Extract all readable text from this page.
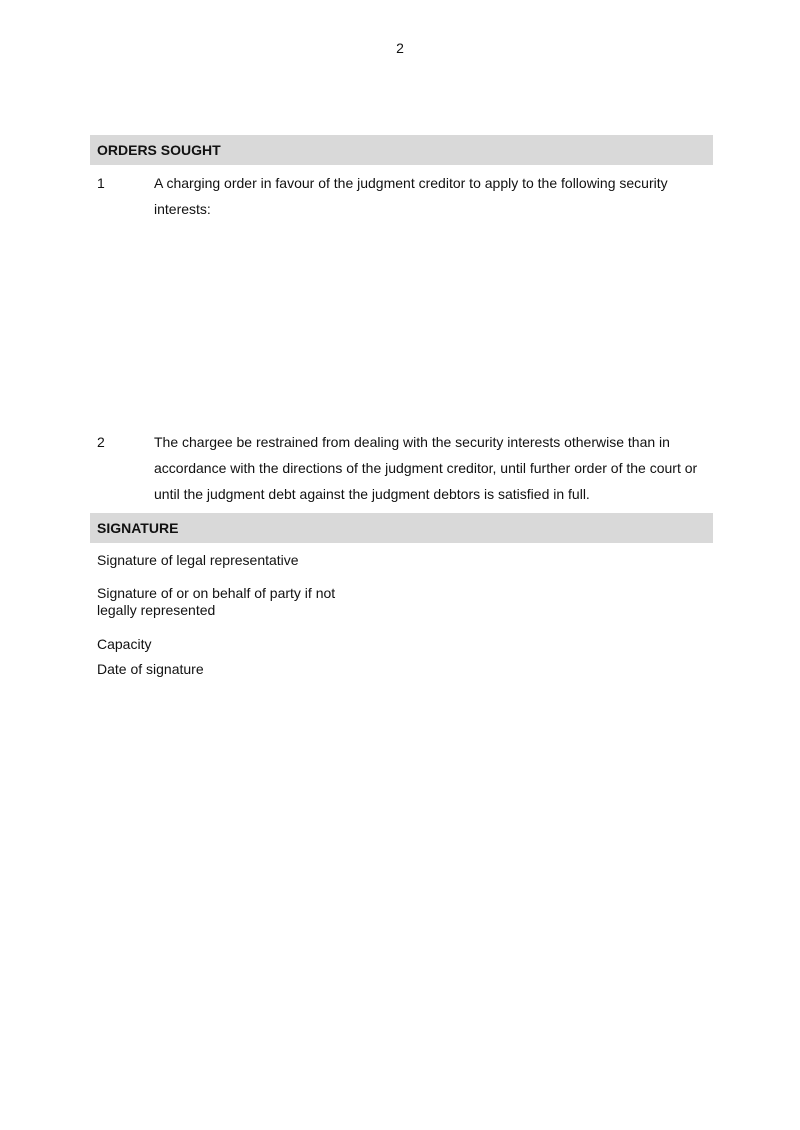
2
ORDERS SOUGHT
1	A charging order in favour of the judgment creditor to apply to the following security interests:
2	The chargee be restrained from dealing with the security interests otherwise than in accordance with the directions of the judgment creditor, until further order of the court or until the judgment debt against the judgment debtors is satisfied in full.
SIGNATURE
Signature of legal representative
Signature of or on behalf of party if not legally represented
Capacity
Date of signature
